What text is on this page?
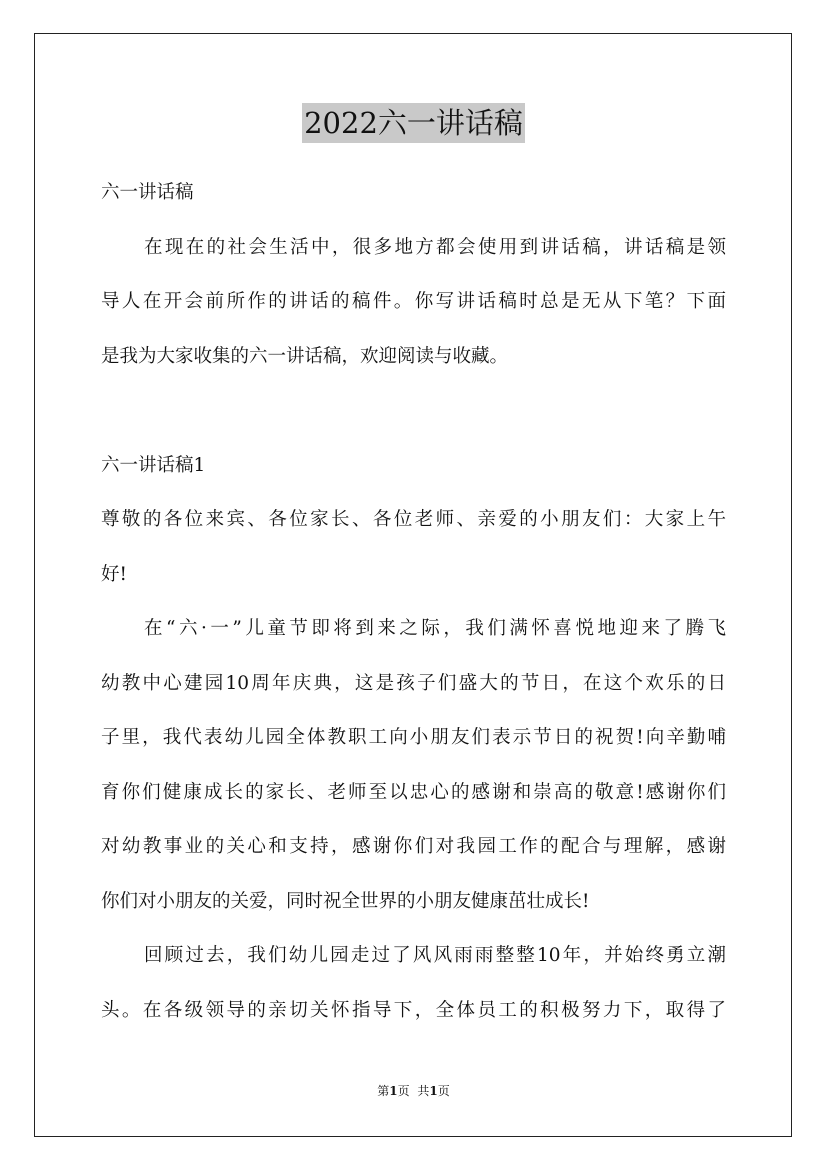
2022六一讲话稿
六一讲话稿
在现在的社会生活中，很多地方都会使用到讲话稿，讲话稿是领
导人在开会前所作的讲话的稿件。你写讲话稿时总是无从下笔？下面
是我为大家收集的六一讲话稿，欢迎阅读与收藏。
六一讲话稿1
尊敬的各位来宾、各位家长、各位老师、亲爱的小朋友们：大家上午
好!
在“六·一”儿童节即将到来之际，我们满怀喜悦地迎来了腾飞
幼教中心建园10周年庆典，这是孩子们盛大的节日，在这个欢乐的日
子里，我代表幼儿园全体教职工向小朋友们表示节日的祝贺!向辛勤哺
育你们健康成长的家长、老师至以忠心的感谢和崇高的敬意!感谢你们
对幼教事业的关心和支持，感谢你们对我园工作的配合与理解，感谢
你们对小朋友的关爱，同时祝全世界的小朋友健康茁壮成长!
回顾过去，我们幼儿园走过了风风雨雨整整10年，并始终勇立潮
头。在各级领导的亲切关怀指导下，全体员工的积极努力下，取得了
第1页 共1页
